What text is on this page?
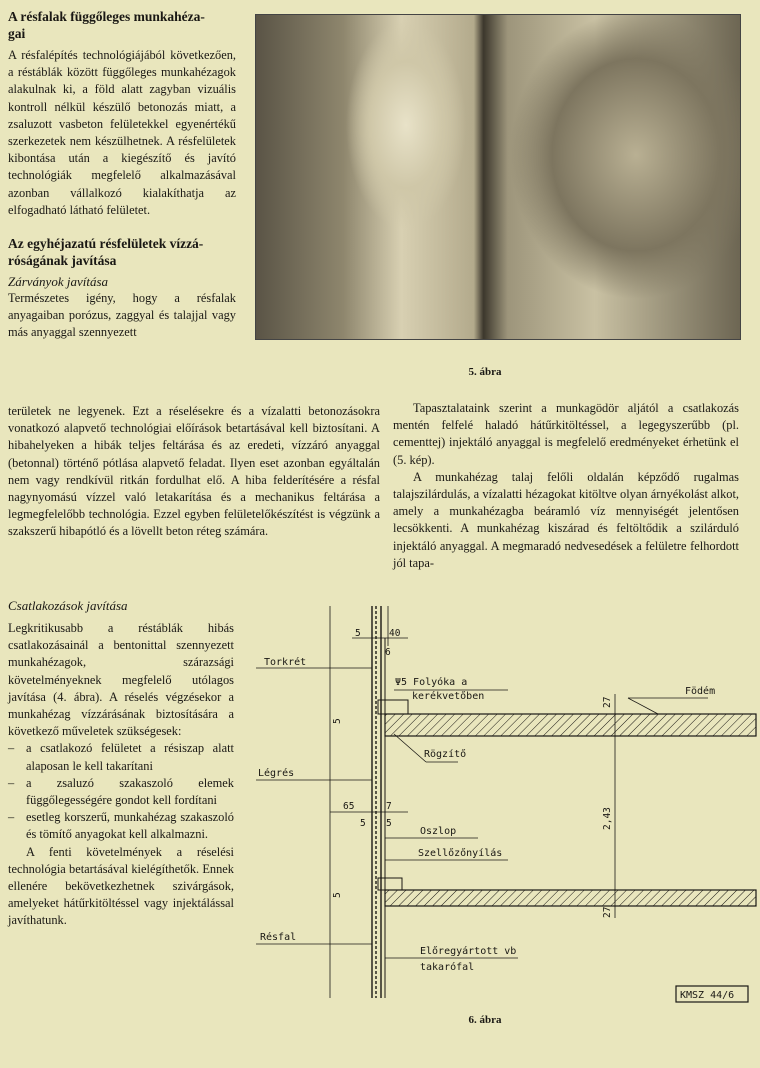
A résfalak függőleges munkahéza-
gai

A résfalépítés technológiájából következően, a réstáblák között függőleges munkahézagok alakulnak ki, a föld alatt zagyban vizuális kontroll nélkül készülő betonozás miatt, a zsaluzott vasbeton felületekkel egyenértékű szerkezetek nem készülhetnek. A résfelületek kibontása után a kiegészítő és javító technológiák megfelelő alkalmazásával azonban vállalkozó kialakíthatja az elfogadható látható felületet.

Az egyhéjazatú résfelületek vízzá-
róságának javítása

Zárványok javítása

Természetes igény, hogy a résfalak anyagaiban porózus, zaggyal és talajjal vagy más anyaggal szennyezett

5. ábra

területek ne legyenek. Ezt a réselésekre és a vízalatti betonozásokra vonatkozó alapvető technológiai előírások betartásával kell biztosítani. A hibahelyeken a hibák teljes feltárása és az eredeti, vízzáró anyaggal (betonnal) történő pótlása alapvető feladat. Ilyen eset azonban egyáltalán nem vagy rendkívül ritkán fordulhat elő. A hiba felderítésére a résfal nagynyomású vízzel való letakarítása és a mechanikus feltárása a legmegfelelőbb technológia. Ezzel egyben felületelőkészítést is végzünk a szakszerű hibapótló és a lövellt beton réteg számára.

Tapasztalataink szerint a munkagödör aljától a csatlakozás mentén felfelé haladó hátűrkitöltéssel, a legegyszerűbb (pl. cementtej) injektáló anyaggal is megfelelő eredményeket érhetünk el (5. kép).

A munkahézag talaj felőli oldalán képződő rugalmas talajszilárdulás, a vízalatti hézagokat kitöltve olyan árnyékolást alkot, amely a munkahézagba beáramló víz mennyiségét jelentősen lecsökkenti. A munkahézag kiszárad és feltöltődik a szilárduló injektáló anyaggal. A megmaradó nedvesedések a felületre felhordott jól tapa-

Csatlakozások javítása

Legkritikusabb a réstáblák hibás csatlakozásainál a bentonittal szennyezett munkahézagok, szárazsági követelményeknek megfelelő utólagos javítása (4. ábra). A réselés végzésekor a munkahézag vízzárásának biztosítására a következő műveletek szükségesek:

– a csatlakozó felületet a résiszap alatt alaposan le kell takarítani
– a zsaluzó szakaszoló elemek függőlegességére gondot kell fordítani
– esetleg korszerű, munkahézag szakaszoló és tömítő anyagokat kell alkalmazni.

A fenti követelmények a réselési technológia betartásával kielégíthetők. Ennek ellenére bekövetkezhetnek szivárgások, amelyeket hátűrkitöltéssel vagy injektálással javíthatunk.

5	40
6
Torkrét
Ψ5 Folyóka a
kerékvetőben	Födém
27
5
Rögzítő
Légrés
2,43
65	7
5 5
Oszlop
Szellőzőnyílás
27
5
Résfal
Előregyártott vb
takarófal
KMSZ 44/6
6. ábra
